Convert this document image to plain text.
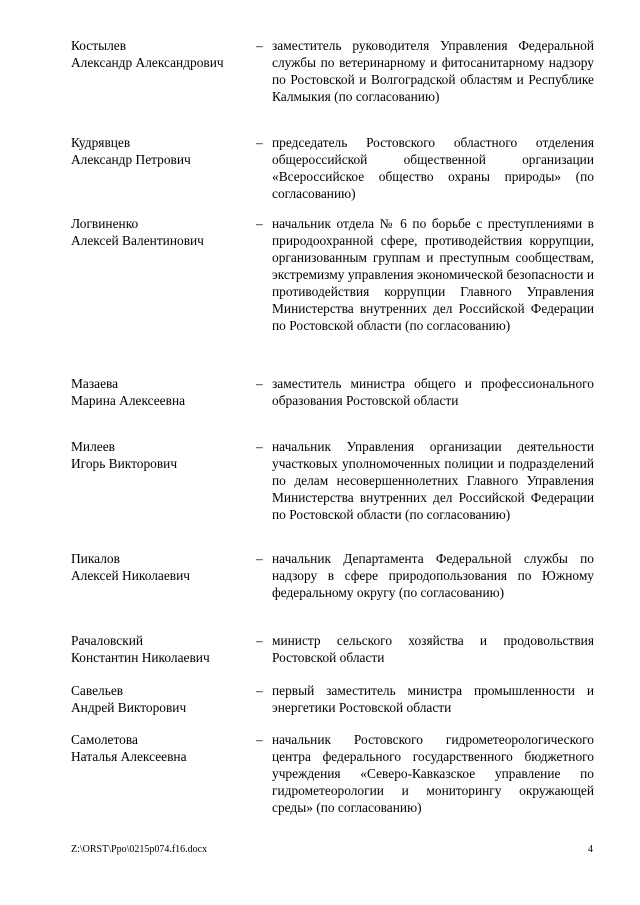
Костылев
Александр Александрович
– заместитель руководителя Управления Федеральной службы по ветеринарному и фитосанитарному надзору по Ростовской и Волгоградской областям и Республике Калмыкия (по согласованию)
Кудрявцев
Александр Петрович
– председатель Ростовского областного отделения общероссийской общественной организации «Всероссийское общество охраны природы» (по согласованию)
Логвиненко
Алексей Валентинович
– начальник отдела № 6 по борьбе с преступлениями в природоохранной сфере, противодействия коррупции, организованным группам и преступным сообществам, экстремизму управления экономической безопасности и противодействия коррупции Главного Управления Министерства внутренних дел Российской Федерации по Ростовской области (по согласованию)
Мазаева
Марина Алексеевна
– заместитель министра общего и профессионального образования Ростовской области
Милеев
Игорь Викторович
– начальник Управления организации деятельности участковых уполномоченных полиции и подразделений по делам несовершеннолетних Главного Управления Министерства внутренних дел Российской Федерации по Ростовской области (по согласованию)
Пикалов
Алексей Николаевич
– начальник Департамента Федеральной службы по надзору в сфере природопользования по Южному федеральному округу (по согласованию)
Рачаловский
Константин Николаевич
– министр сельского хозяйства и продовольствия Ростовской области
Савельев
Андрей Викторович
– первый заместитель министра промышленности и энергетики Ростовской области
Самолетова
Наталья Алексеевна
– начальник Ростовского гидрометеорологического центра федерального государственного бюджетного учреждения «Северо-Кавказское управление по гидрометеорологии и мониторингу окружающей среды» (по согласованию)
Z:\ORST\Ppo\0215p074.f16.docx	4
